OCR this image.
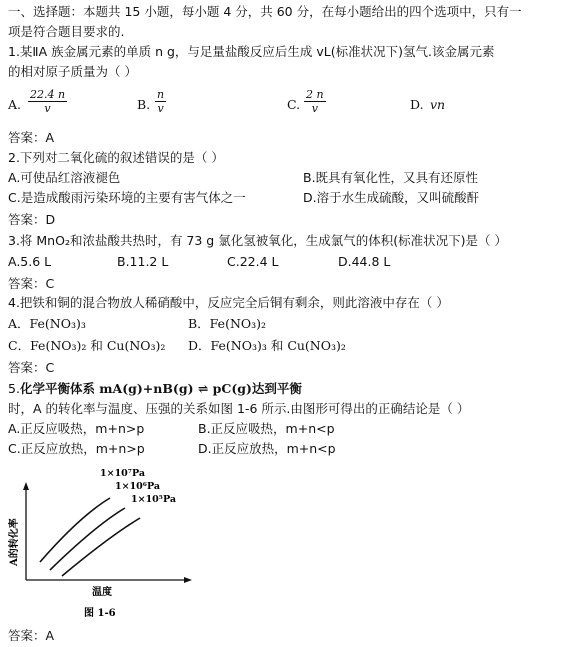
一、选择题：本题共 15 小题，每小题 4 分，共 60 分，在每小题给出的四个选项中，只有一
项是符合题目要求的.
1.某ⅡA 族金属元素的单质 n g，与足量盐酸反应后生成 vL(标准状况下)氢气.该金属元素
的相对原子质量为（ ）
A. $\frac{22.4 n}{v}$	B. $\frac{n}{v}$	C. $\frac{2 n}{v}$	D. vn
答案：A
2.下列对二氧化硫的叙述错误的是（ ）
A.可使品红溶液褪色	B.既具有氧化性，又具有还原性
C.是造成酸雨污染环境的主要有害气体之一	D.溶于水生成硫酸，又叫硫酸酐
答案：D
3.将 MnO₂和浓盐酸共热时，有 73 g 氯化氢被氧化，生成氯气的体积(标准状况下)是（ ）
A.5.6 L	B.11.2 L	C.22.4 L	D.44.8 L
答案：C
4.把铁和铜的混合物放人稀硝酸中，反应完全后铜有剩余，则此溶液中存在（ ）
A．Fe(NO₃)₃	B．Fe(NO₃)₂
C．Fe(NO₃)₂ 和 Cu(NO₃)₂ D．Fe(NO₃)₃ 和 Cu(NO₃)₂
答案：C
5.化学平衡体系 mA(g)+nB(g) ⇌ pC(g)达到平衡
时，A 的转化率与温度、压强的关系如图 1-6 所示.由图形可得出的正确结论是（ ）
A.正反应吸热，m+n>p	B.正反应吸热，m+n<p
C.正反应放热，m+n>p	D.正反应放热，m+n<p
1×10⁷Pa
1×10⁶Pa
1×10⁵Pa
A的转化率
温度
图 1-6
答案：A
